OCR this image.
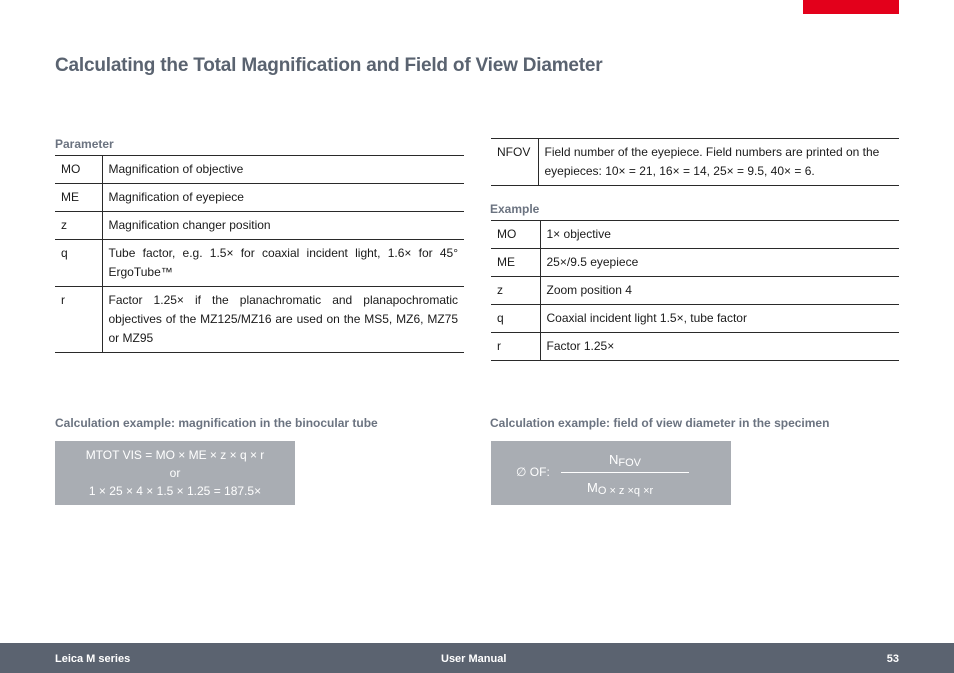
Calculating the Total Magnification and Field of View Diameter
Parameter
MO	Magnification of objective
ME	Magnification of eyepiece
z	Magnification changer position
q	Tube factor, e.g. 1.5× for coaxial incident light, 1.6× for 45° ErgoTube™
r	Factor 1.25× if the planachromatic and planapochromatic objectives of the MZ125/MZ16 are used on the MS5, MZ6, MZ75 or MZ95
NFOV	Field number of the eyepiece. Field numbers are printed on the eyepieces: 10× = 21, 16× = 14, 25× = 9.5, 40× = 6.
Example
MO	1× objective
ME	25×/9.5 eyepiece
z	Zoom position 4
q	Coaxial incident light 1.5×, tube factor
r	Factor 1.25×
Calculation example: magnification in the binocular tube
MTOT VIS = MO × ME × z × q × r
or
1 × 25 × 4 × 1.5 × 1.25 = 187.5×
Calculation example: field of view diameter in the specimen
∅ OF:
NFOV
MO × z ×q ×r
Leica M series	User Manual	53
